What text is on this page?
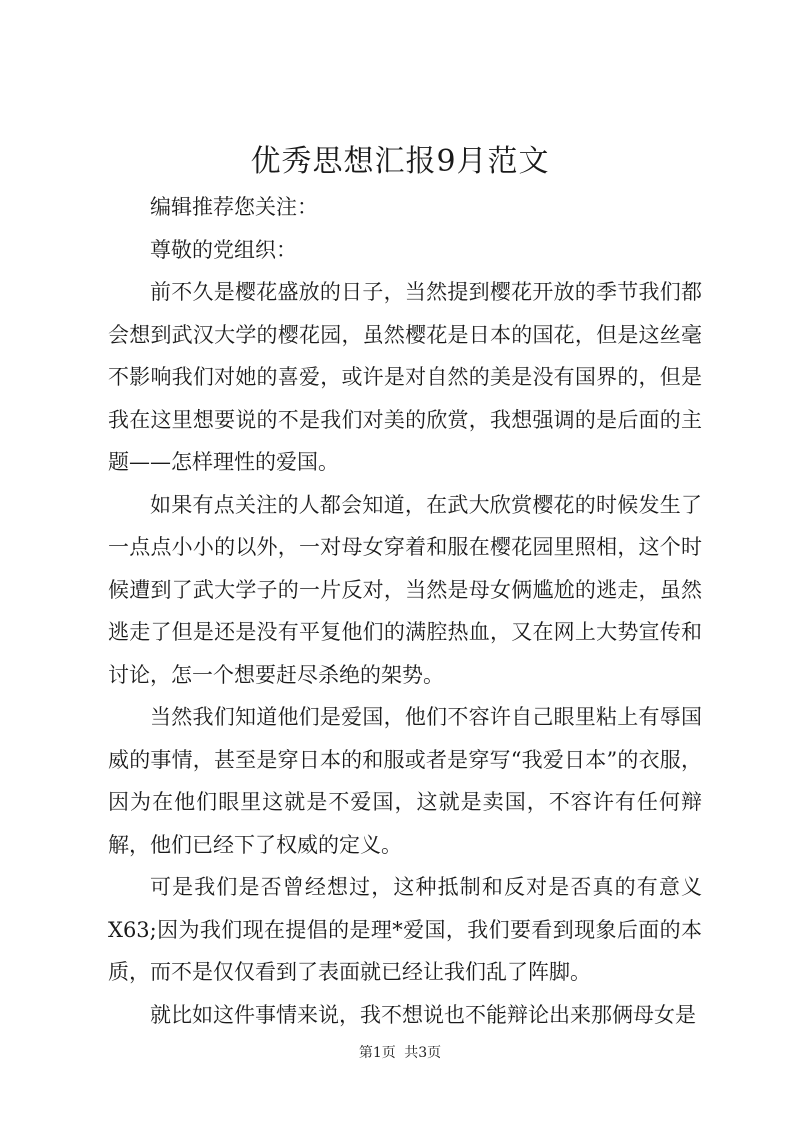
优秀思想汇报9月范文

编辑推荐您关注：

尊敬的党组织：

前不久是樱花盛放的日子，当然提到樱花开放的季节我们都会想到武汉大学的樱花园，虽然樱花是日本的国花，但是这丝毫不影响我们对她的喜爱，或许是对自然的美是没有国界的，但是我在这里想要说的不是我们对美的欣赏，我想强调的是后面的主题——怎样理性的爱国。

如果有点关注的人都会知道，在武大欣赏樱花的时候发生了一点点小小的以外，一对母女穿着和服在樱花园里照相，这个时候遭到了武大学子的一片反对，当然是母女俩尴尬的逃走，虽然逃走了但是还是没有平复他们的满腔热血，又在网上大势宣传和讨论，怎一个想要赶尽杀绝的架势。

当然我们知道他们是爱国，他们不容许自己眼里粘上有辱国威的事情，甚至是穿日本的和服或者是穿写“我爱日本”的衣服，因为在他们眼里这就是不爱国，这就是卖国，不容许有任何辩解，他们已经下了权威的定义。

可是我们是否曾经想过，这种抵制和反对是否真的有意义X63;因为我们现在提倡的是理*爱国，我们要看到现象后面的本质，而不是仅仅看到了表面就已经让我们乱了阵脚。

就比如这件事情来说，我不想说也不能辩论出来那俩母女是

第1页 共3页
